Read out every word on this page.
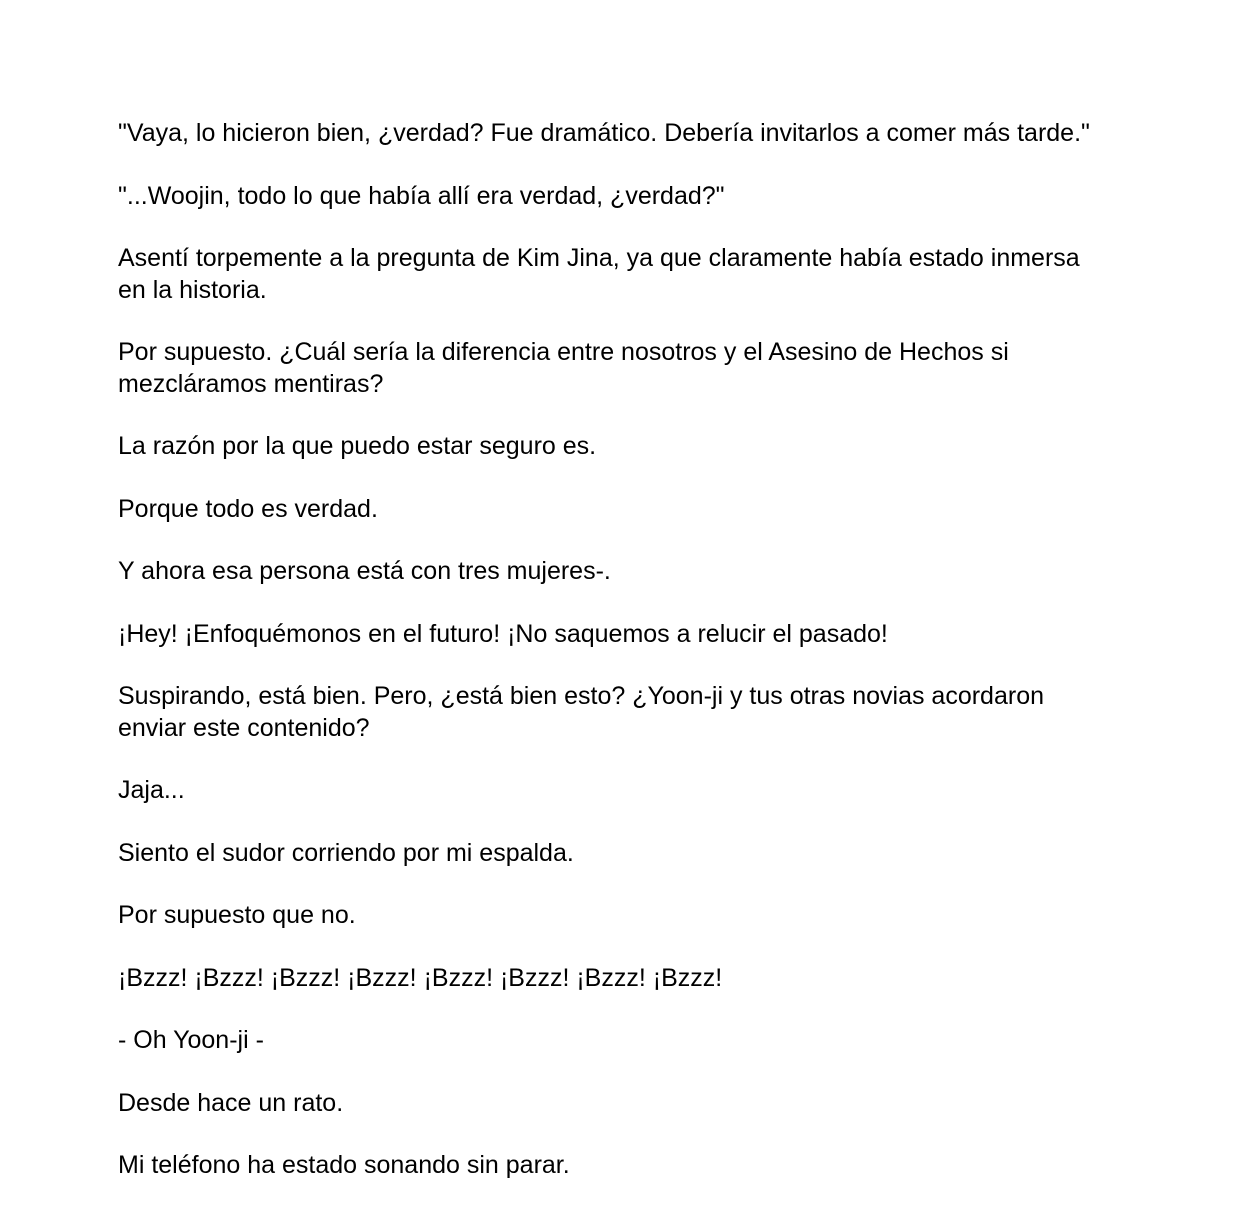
"Vaya, lo hicieron bien, ¿verdad? Fue dramático. Debería invitarlos a comer más tarde."

"...Woojin, todo lo que había allí era verdad, ¿verdad?"

Asentí torpemente a la pregunta de Kim Jina, ya que claramente había estado inmersa en la historia.

Por supuesto. ¿Cuál sería la diferencia entre nosotros y el Asesino de Hechos si mezcláramos mentiras?

La razón por la que puedo estar seguro es.

Porque todo es verdad.

Y ahora esa persona está con tres mujeres-.

¡Hey! ¡Enfoquémonos en el futuro! ¡No saquemos a relucir el pasado!

Suspirando, está bien. Pero, ¿está bien esto? ¿Yoon-ji y tus otras novias acordaron enviar este contenido?

Jaja...

Siento el sudor corriendo por mi espalda.

Por supuesto que no.

¡Bzzz! ¡Bzzz! ¡Bzzz! ¡Bzzz! ¡Bzzz! ¡Bzzz! ¡Bzzz! ¡Bzzz!

- Oh Yoon-ji -

Desde hace un rato.

Mi teléfono ha estado sonando sin parar.
